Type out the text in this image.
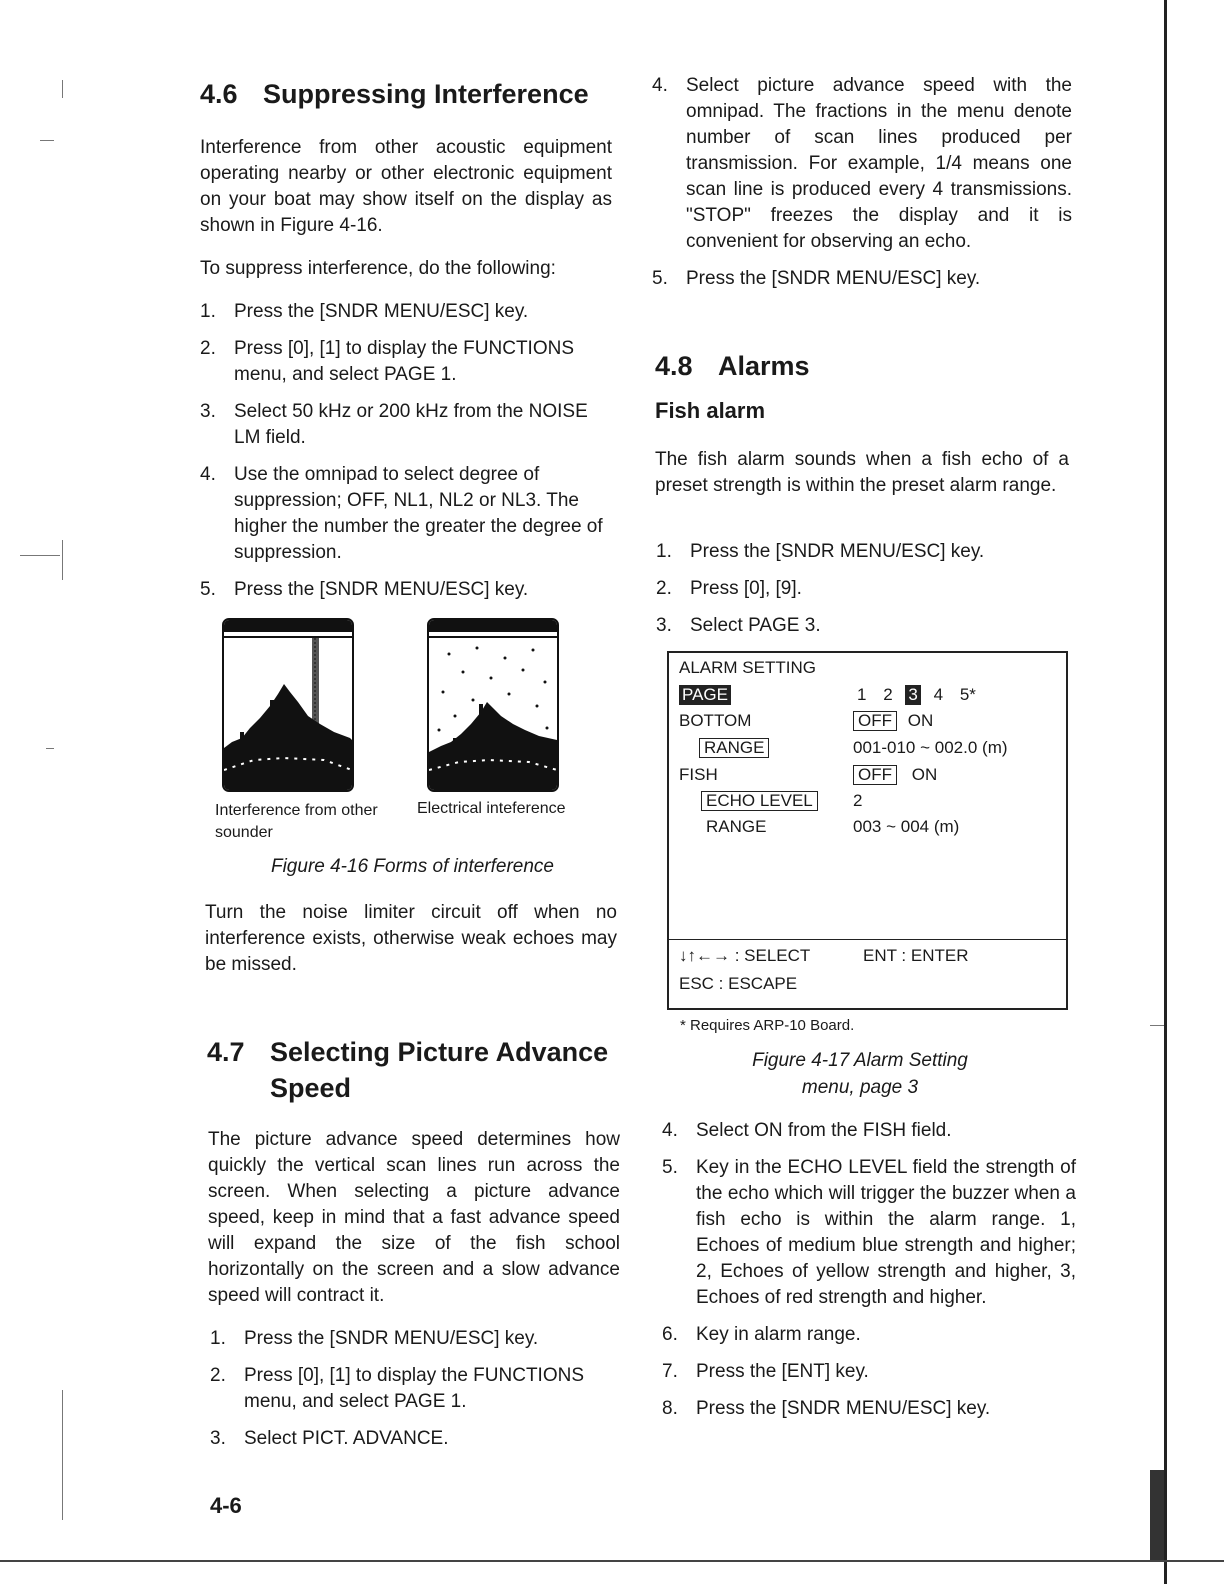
4.6 Suppressing Interference

Interference from other acoustic equipment operating nearby or other electronic equipment on your boat may show itself on the display as shown in Figure 4-16.

To suppress interference, do the following:

1. Press the [SNDR MENU/ESC] key.
2. Press [0], [1] to display the FUNCTIONS menu, and select PAGE 1.
3. Select 50 kHz or 200 kHz from the NOISE LM field.
4. Use the omnipad to select degree of suppression; OFF, NL1, NL2 or NL3. The higher the number the greater the degree of suppression.
5. Press the [SNDR MENU/ESC] key.
Interference from other sounder
Electrical inteference
Figure 4-16 Forms of interference

Turn the noise limiter circuit off when no interference exists, otherwise weak echoes may be missed.

4.7 Selecting Picture Advance
Speed

The picture advance speed determines how quickly the vertical scan lines run across the screen. When selecting a picture advance speed, keep in mind that a fast advance speed will expand the size of the fish school horizontally on the screen and a slow advance speed will contract it.

1. Press the [SNDR MENU/ESC] key.
2. Press [0], [1] to display the FUNCTIONS menu, and select PAGE 1.
3. Select PICT. ADVANCE.
4-6
4. Select picture advance speed with the omnipad. The fractions in the menu denote number of scan lines produced per transmission. For example, 1/4 means one scan line is produced every 4 transmissions. "STOP" freezes the display and it is convenient for observing an echo.
5. Press the [SNDR MENU/ESC] key.
4.8 Alarms
Fish alarm

The fish alarm sounds when a fish echo of a preset strength is within the preset alarm range.

1. Press the [SNDR MENU/ESC] key.
2. Press [0], [9].
3. Select PAGE 3.
ALARM SETTING
PAGE	1 2 3 4 5*
BOTTOM	OFF ON
RANGE	001-010 ~ 002.0 (m)
FISH	OFF ON
ECHO LEVEL 2
RANGE	003 ~ 004 (m)
↓↑←→ : SELECT	ENT : ENTER
ESC : ESCAPE
* Requires ARP-10 Board.
Figure 4-17 Alarm Setting
menu, page 3
4. Select ON from the FISH field.
5. Key in the ECHO LEVEL field the strength of the echo which will trigger the buzzer when a fish echo is within the alarm range. 1, Echoes of medium blue strength and higher; 2, Echoes of yellow strength and higher, 3, Echoes of red strength and higher.
6. Key in alarm range.
7. Press the [ENT] key.
8. Press the [SNDR MENU/ESC] key.
